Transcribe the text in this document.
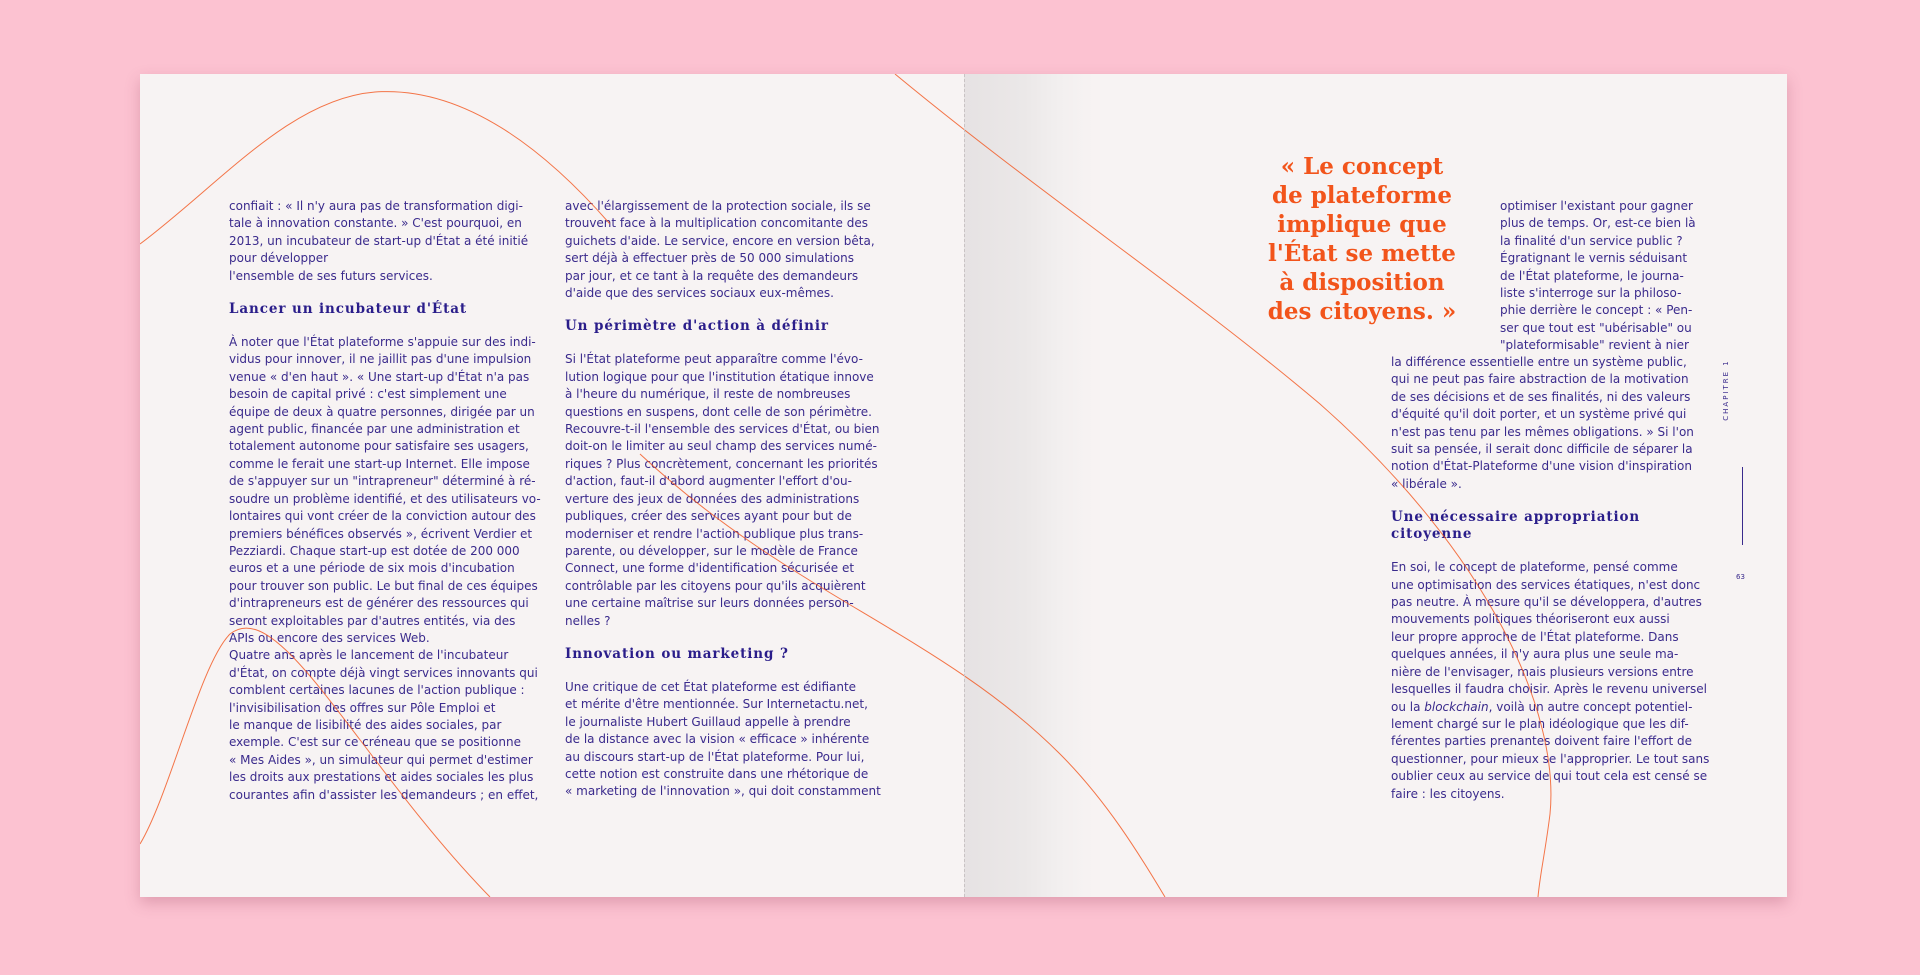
confiait : « Il n'y aura pas de transformation digi-
tale à innovation constante. » C'est pourquoi, en
2013, un incubateur de start-up d'État a été initié
pour développer
l'ensemble de ses futurs services.

Lancer un incubateur d'État

À noter que l'État plateforme s'appuie sur des indi-
vidus pour innover, il ne jaillit pas d'une impulsion
venue « d'en haut ». « Une start-up d'État n'a pas
besoin de capital privé : c'est simplement une
équipe de deux à quatre personnes, dirigée par un
agent public, financée par une administration et
totalement autonome pour satisfaire ses usagers,
comme le ferait une start-up Internet. Elle impose
de s'appuyer sur un "intrapreneur" déterminé à ré-
soudre un problème identifié, et des utilisateurs vo-
lontaires qui vont créer de la conviction autour des
premiers bénéfices observés », écrivent Verdier et
Pezziardi. Chaque start-up est dotée de 200 000
euros et a une période de six mois d'incubation
pour trouver son public. Le but final de ces équipes
d'intrapreneurs est de générer des ressources qui
seront exploitables par d'autres entités, via des
APIs ou encore des services Web.
Quatre ans après le lancement de l'incubateur
d'État, on compte déjà vingt services innovants qui
comblent certaines lacunes de l'action publique :
l'invisibilisation des offres sur Pôle Emploi et
le manque de lisibilité des aides sociales, par
exemple. C'est sur ce créneau que se positionne
« Mes Aides », un simulateur qui permet d'estimer
les droits aux prestations et aides sociales les plus
courantes afin d'assister les demandeurs ; en effet,

avec l'élargissement de la protection sociale, ils se
trouvent face à la multiplication concomitante des
guichets d'aide. Le service, encore en version bêta,
sert déjà à effectuer près de 50 000 simulations
par jour, et ce tant à la requête des demandeurs
d'aide que des services sociaux eux-mêmes.

Un périmètre d'action à définir

Si l'État plateforme peut apparaître comme l'évo-
lution logique pour que l'institution étatique innove
à l'heure du numérique, il reste de nombreuses
questions en suspens, dont celle de son périmètre.
Recouvre-t-il l'ensemble des services d'État, ou bien
doit-on le limiter au seul champ des services numé-
riques ? Plus concrètement, concernant les priorités
d'action, faut-il d'abord augmenter l'effort d'ou-
verture des jeux de données des administrations
publiques, créer des services ayant pour but de
moderniser et rendre l'action publique plus trans-
parente, ou développer, sur le modèle de France
Connect, une forme d'identification sécurisée et
contrôlable par les citoyens pour qu'ils acquièrent
une certaine maîtrise sur leurs données person-
nelles ?

Innovation ou marketing ?

Une critique de cet État plateforme est édifiante
et mérite d'être mentionnée. Sur Internetactu.net,
le journaliste Hubert Guillaud appelle à prendre
de la distance avec la vision « efficace » inhérente
au discours start-up de l'État plateforme. Pour lui,
cette notion est construite dans une rhétorique de
« marketing de l'innovation », qui doit constamment

« Le concept
de plateforme
implique que
l'État se mette
à disposition
des citoyens. »

optimiser l'existant pour gagner
plus de temps. Or, est-ce bien là
la finalité d'un service public ?
Égratignant le vernis séduisant
de l'État plateforme, le journa-
liste s'interroge sur la philoso-
phie derrière le concept : « Pen-
ser que tout est "ubérisable" ou
"plateformisable" revient à nier

la différence essentielle entre un système public,
qui ne peut pas faire abstraction de la motivation
de ses décisions et de ses finalités, ni des valeurs
d'équité qu'il doit porter, et un système privé qui
n'est pas tenu par les mêmes obligations. » Si l'on
suit sa pensée, il serait donc difficile de séparer la
notion d'État-Plateforme d'une vision d'inspiration
« libérale ».

Une nécessaire appropriation
citoyenne

En soi, le concept de plateforme, pensé comme
une optimisation des services étatiques, n'est donc
pas neutre. À mesure qu'il se développera, d'autres
mouvements politiques théoriseront eux aussi
leur propre approche de l'État plateforme. Dans
quelques années, il n'y aura plus une seule ma-
nière de l'envisager, mais plusieurs versions entre
lesquelles il faudra choisir. Après le revenu universel
ou la blockchain, voilà un autre concept potentiel-
lement chargé sur le plan idéologique que les dif-
férentes parties prenantes doivent faire l'effort de
questionner, pour mieux se l'approprier. Le tout sans
oublier ceux au service de qui tout cela est censé se
faire : les citoyens.

CHAPITRE 1
63
